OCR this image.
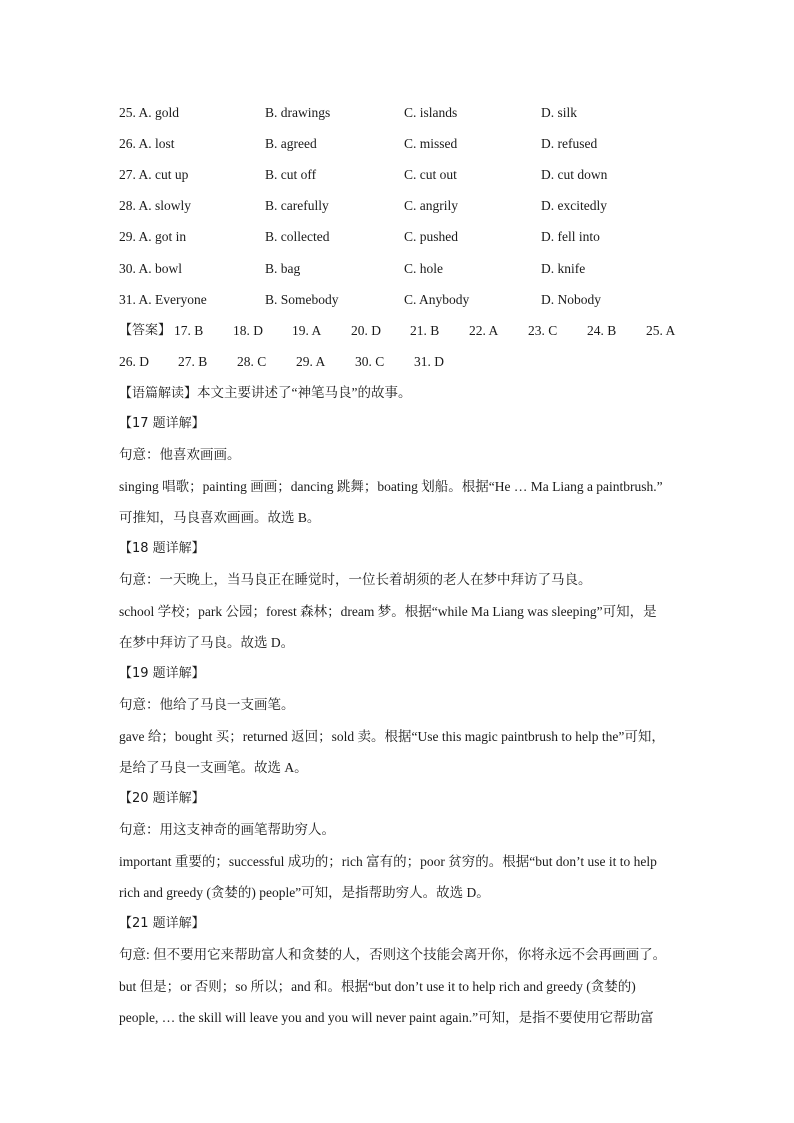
25. A. gold	B. drawings	C. islands	D. silk
26. A. lost	B. agreed	C. missed	D. refused
27. A. cut up	B. cut off	C. cut out	D. cut down
28. A. slowly	B. carefully	C. angrily	D. excitedly
29. A. got in	B. collected	C. pushed	D. fell into
30. A. bowl	B. bag	C. hole	D. knife
31. A. Everyone	B. Somebody	C. Anybody	D. Nobody
【答案】 17. B 18. D 19. A 20. D 21. B 22. A 23. C 24. B 25. A
26. D 27. B 28. C 29. A 30. C 31. D
【语篇解读】本文主要讲述了“神笔马良”的故事。
【17 题详解】
句意：他喜欢画画。
singing 唱歌；painting 画画；dancing 跳舞；boating 划船。根据“He … Ma Liang a paintbrush.”
可推知，马良喜欢画画。故选 B。
【18 题详解】
句意：一天晚上，当马良正在睡觉时，一位长着胡须的老人在梦中拜访了马良。
school 学校；park 公园；forest 森林；dream 梦。根据“while Ma Liang was sleeping”可知，是
在梦中拜访了马良。故选 D。
【19 题详解】
句意：他给了马良一支画笔。
gave 给；bought 买；returned 返回；sold 卖。根据“Use this magic paintbrush to help the”可知，
是给了马良一支画笔。故选 A。
【20 题详解】
句意：用这支神奇的画笔帮助穷人。
important 重要的；successful 成功的；rich 富有的；poor 贫穷的。根据“but don’t use it to help
rich and greedy (贪婪的) people”可知，是指帮助穷人。故选 D。
【21 题详解】
句意: 但不要用它来帮助富人和贪婪的人，否则这个技能会离开你，你将永远不会再画画了。
but 但是；or 否则；so 所以；and 和。根据“but don’t use it to help rich and greedy (贪婪的)
people, … the skill will leave you and you will never paint again.”可知，是指不要使用它帮助富
